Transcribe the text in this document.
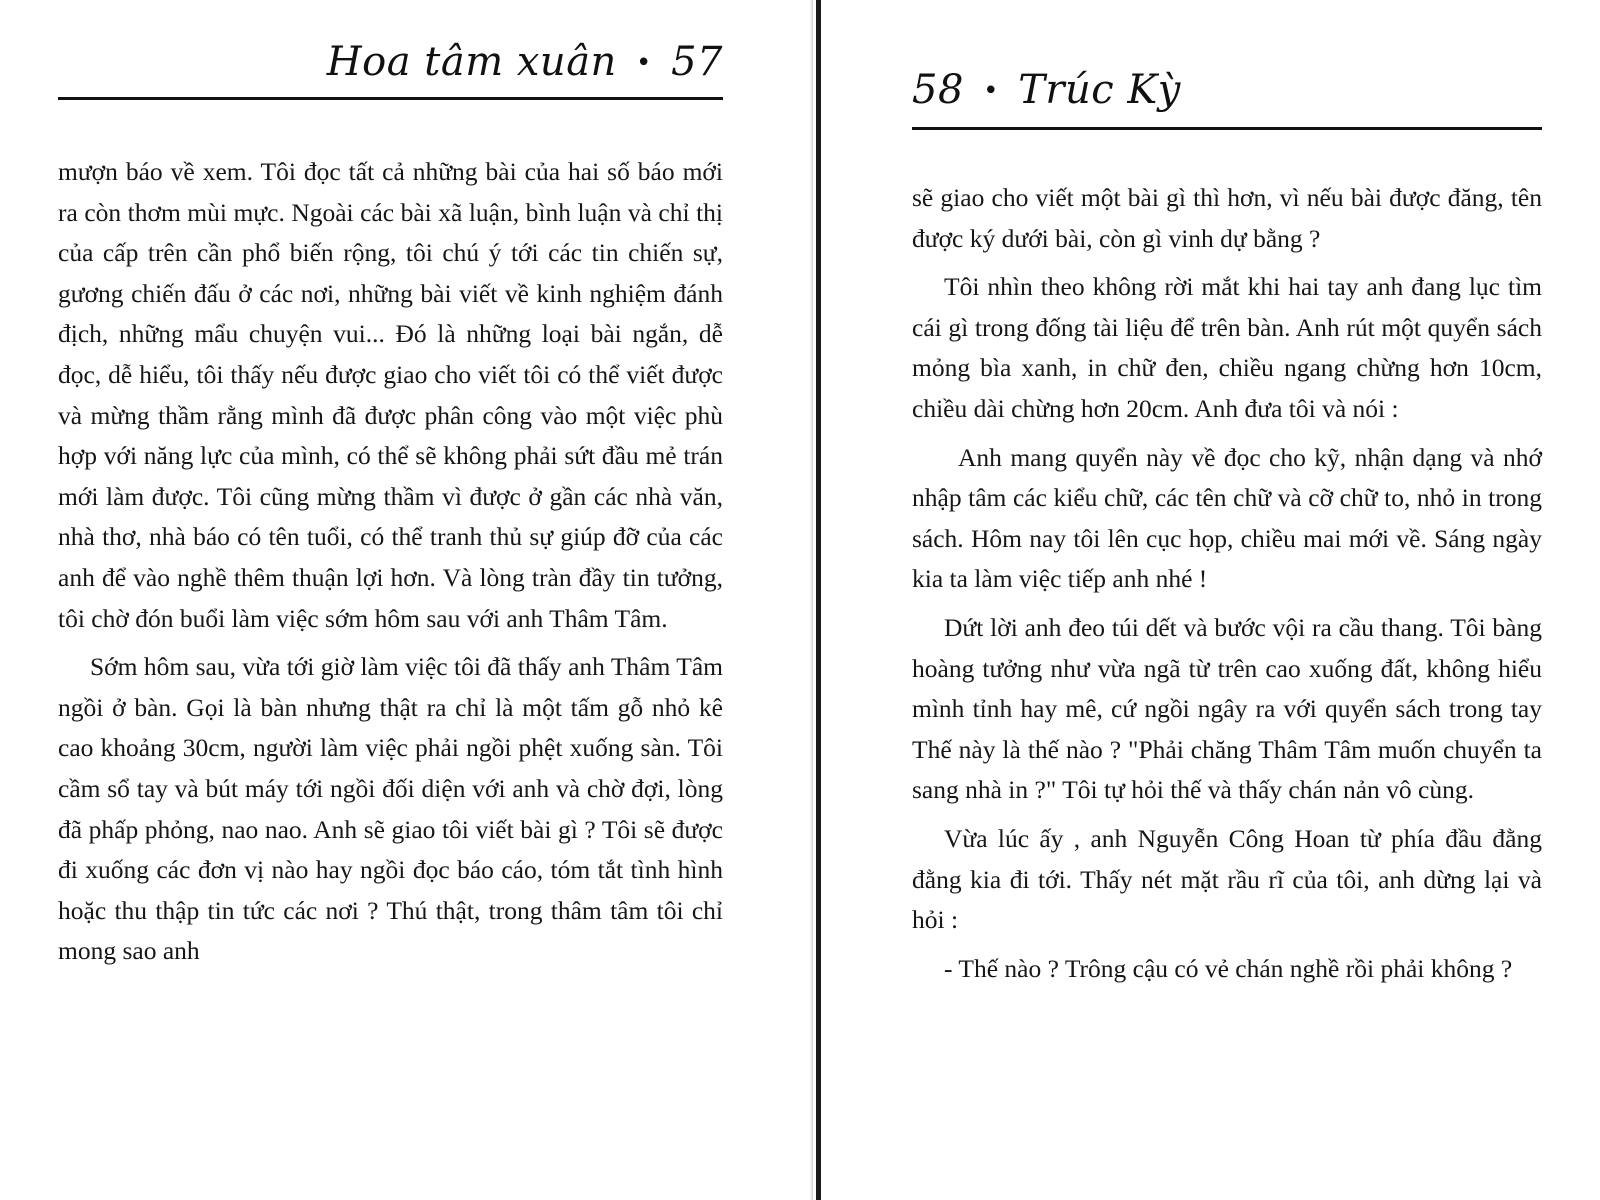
Hoa tâm xuân • 57

mượn báo về xem. Tôi đọc tất cả những bài của hai số báo mới ra còn thơm mùi mực. Ngoài các bài xã luận, bình luận và chỉ thị của cấp trên cần phổ biến rộng, tôi chú ý tới các tin chiến sự, gương chiến đấu ở các nơi, những bài viết về kinh nghiệm đánh địch, những mẩu chuyện vui... Đó là những loại bài ngắn, dễ đọc, dễ hiểu, tôi thấy nếu được giao cho viết tôi có thể viết được và mừng thầm rằng mình đã được phân công vào một việc phù hợp với năng lực của mình, có thể sẽ không phải sứt đầu mẻ trán mới làm được. Tôi cũng mừng thầm vì được ở gần các nhà văn, nhà thơ, nhà báo có tên tuổi, có thể tranh thủ sự giúp đỡ của các anh để vào nghề thêm thuận lợi hơn. Và lòng tràn đầy tin tưởng, tôi chờ đón buổi làm việc sớm hôm sau với anh Thâm Tâm.

Sớm hôm sau, vừa tới giờ làm việc tôi đã thấy anh Thâm Tâm ngồi ở bàn. Gọi là bàn nhưng thật ra chỉ là một tấm gỗ nhỏ kê cao khoảng 30cm, người làm việc phải ngồi phệt xuống sàn. Tôi cầm sổ tay và bút máy tới ngồi đối diện với anh và chờ đợi, lòng đã phấp phỏng, nao nao. Anh sẽ giao tôi viết bài gì ? Tôi sẽ được đi xuống các đơn vị nào hay ngồi đọc báo cáo, tóm tắt tình hình hoặc thu thập tin tức các nơi ? Thú thật, trong thâm tâm tôi chỉ mong sao anh

58 • Trúc Kỳ

sẽ giao cho viết một bài gì thì hơn, vì nếu bài được đăng, tên được ký dưới bài, còn gì vinh dự bằng ?

Tôi nhìn theo không rời mắt khi hai tay anh đang lục tìm cái gì trong đống tài liệu để trên bàn. Anh rút một quyển sách mỏng bìa xanh, in chữ đen, chiều ngang chừng hơn 10cm, chiều dài chừng hơn 20cm. Anh đưa tôi và nói :

Anh mang quyển này về đọc cho kỹ, nhận dạng và nhớ nhập tâm các kiểu chữ, các tên chữ và cỡ chữ to, nhỏ in trong sách. Hôm nay tôi lên cục họp, chiều mai mới về. Sáng ngày kia ta làm việc tiếp anh nhé !

Dứt lời anh đeo túi dết và bước vội ra cầu thang. Tôi bàng hoàng tưởng như vừa ngã từ trên cao xuống đất, không hiểu mình tỉnh hay mê, cứ ngồi ngây ra với quyển sách trong tay Thế này là thế nào ? "Phải chăng Thâm Tâm muốn chuyển ta sang nhà in ?" Tôi tự hỏi thế và thấy chán nản vô cùng.

Vừa lúc ấy , anh Nguyễn Công Hoan từ phía đầu đằng đằng kia đi tới. Thấy nét mặt rầu rĩ của tôi, anh dừng lại và hỏi :

- Thế nào ? Trông cậu có vẻ chán nghề rồi phải không ?
